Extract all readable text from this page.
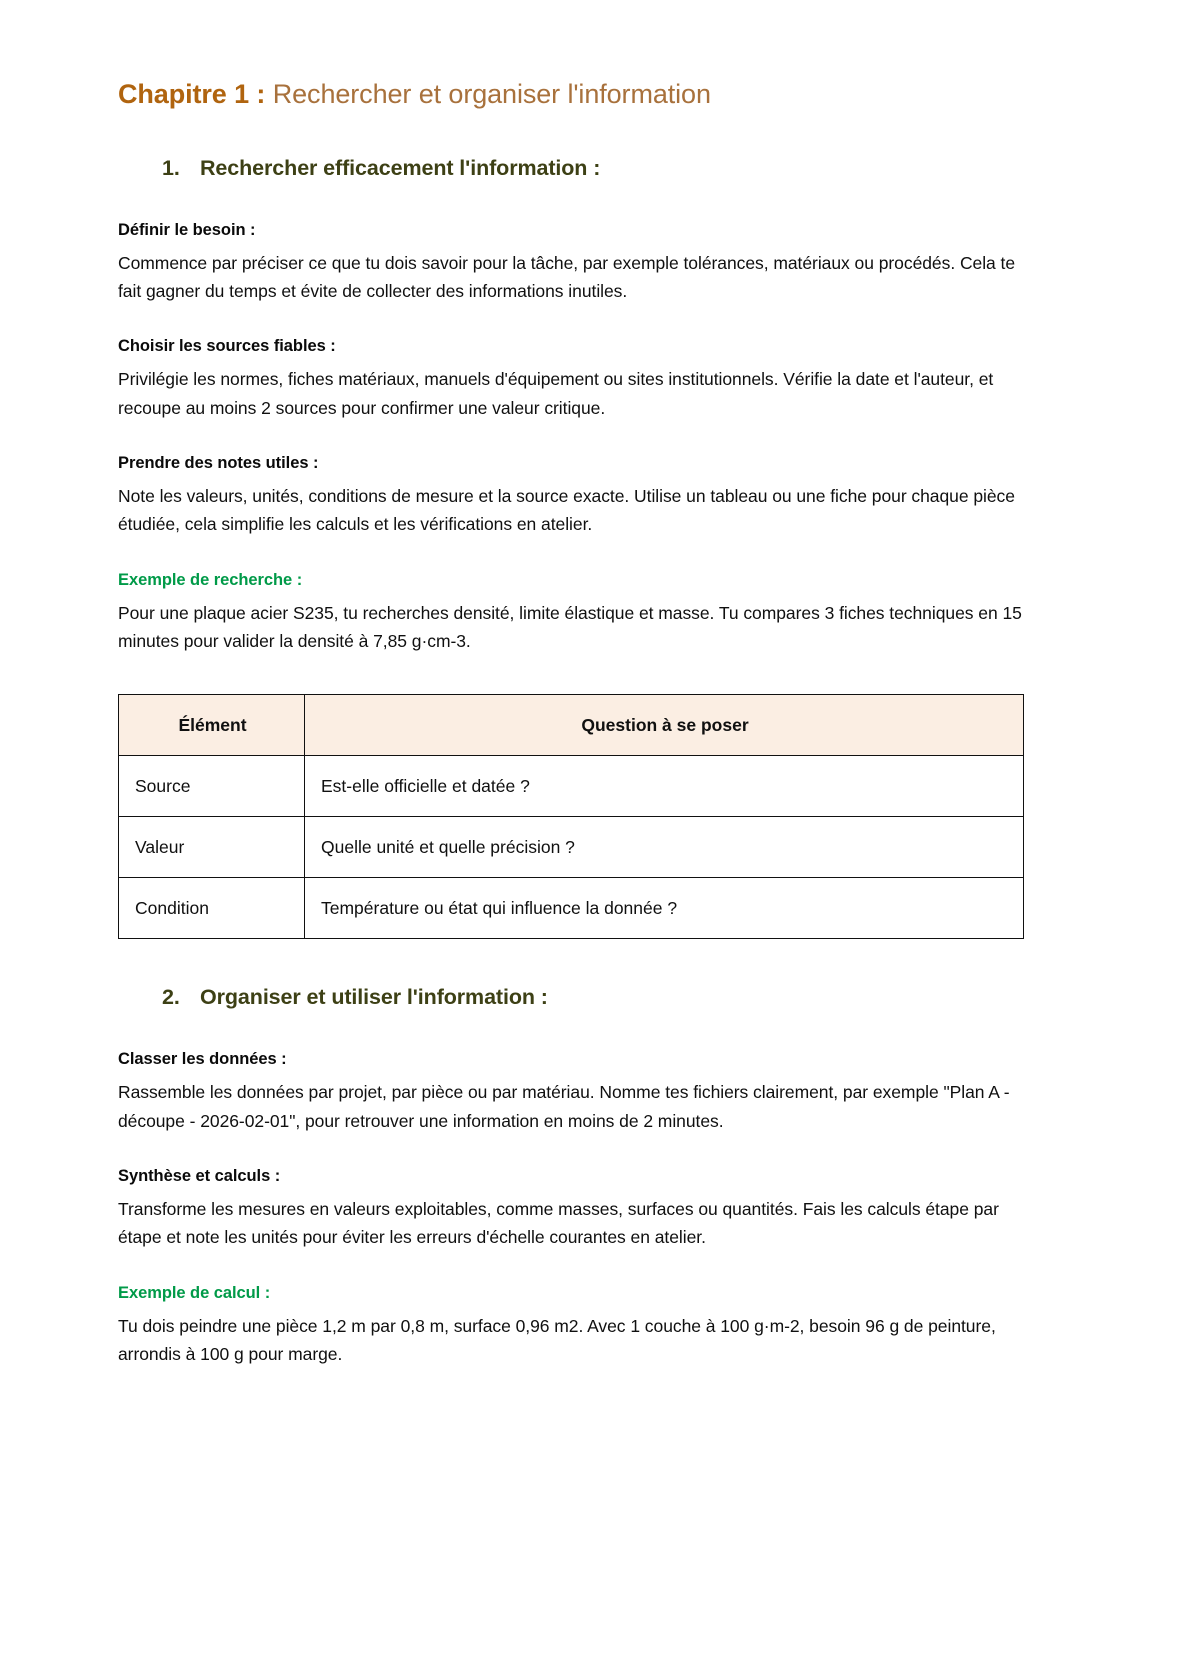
Chapitre 1 : Rechercher et organiser l'information
1. Rechercher efficacement l'information :
Définir le besoin :

Commence par préciser ce que tu dois savoir pour la tâche, par exemple tolérances, matériaux ou procédés. Cela te fait gagner du temps et évite de collecter des informations inutiles.

Choisir les sources fiables :

Privilégie les normes, fiches matériaux, manuels d'équipement ou sites institutionnels. Vérifie la date et l'auteur, et recoupe au moins 2 sources pour confirmer une valeur critique.

Prendre des notes utiles :

Note les valeurs, unités, conditions de mesure et la source exacte. Utilise un tableau ou une fiche pour chaque pièce étudiée, cela simplifie les calculs et les vérifications en atelier.

Exemple de recherche :

Pour une plaque acier S235, tu recherches densité, limite élastique et masse. Tu compares 3 fiches techniques en 15 minutes pour valider la densité à 7,85 g·cm-3.

Élément	Question à se poser
Source	Est-elle officielle et datée ?
Valeur	Quelle unité et quelle précision ?
Condition	Température ou état qui influence la donnée ?
2. Organiser et utiliser l'information :
Classer les données :

Rassemble les données par projet, par pièce ou par matériau. Nomme tes fichiers clairement, par exemple "Plan A - découpe - 2026-02-01", pour retrouver une information en moins de 2 minutes.

Synthèse et calculs :

Transforme les mesures en valeurs exploitables, comme masses, surfaces ou quantités. Fais les calculs étape par étape et note les unités pour éviter les erreurs d'échelle courantes en atelier.

Exemple de calcul :

Tu dois peindre une pièce 1,2 m par 0,8 m, surface 0,96 m2. Avec 1 couche à 100 g·m-2, besoin 96 g de peinture, arrondis à 100 g pour marge.
